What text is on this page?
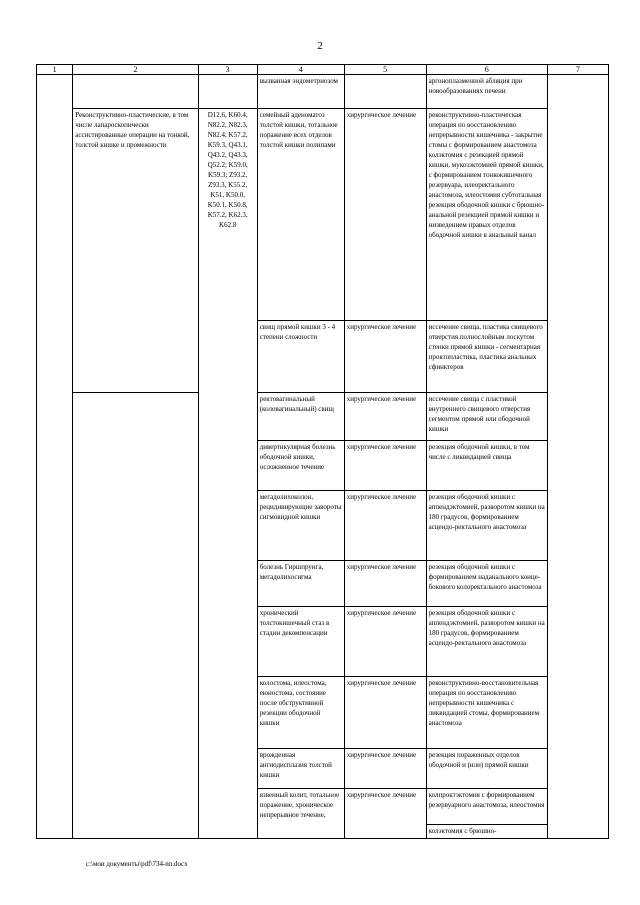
2
1	2	3	4	5	6	7
			вызванная эндометриозом		аргоноплазменной абляция при новообразованиях печени	
	Реконструктивно-пластические, в том числе лапароскопически ассистированные операции на тонкой, толстой кишке и промежности	D12.6, K60.4, N82.2, N82.3, N82.4, K57.2, K59.3, Q43.1, Q43.2, Q43.3, Q52.2; K59.0, K59.3; Z93.2, Z93.3, K55.2, K51, K50.0, K50.1, K50.8, K57.2, K62.3, K62.8	семейный аденоматоз толстой кишки, тотальное поражение всех отделов толстой кишки полипами	хирургическое лечение	реконструктивно-пластическая операция по восстановлению непрерывности кишечника - закрытие стомы с формированием анастомоза колэктомия с резекцией прямой кишки, мукозэктомией прямой кишки, с формированием тонкокишечного резервуара, илеоректального анастомоза, илеостомия субтотальная резекция ободочной кишки с брюшно-анальной резекцией прямой кишки и низведением правых отделов ободочной кишки в анальный канал	
			свищ прямой кишки 3 - 4 степени сложности	хирургическое лечение	иссечение свища, пластика свищевого отверстия полнослойным лоскутом стенки прямой кишки - сегментарная проктопластика, пластика анальных сфинктеров	
			ректовагинальный (коловагинальный) свищ	хирургическое лечение	иссечение свища с пластикой внутреннего свищевого отверстия сегментом прямой или ободочной кишки	
			дивертикулярная болезнь ободочной кишки, осложненное течение	хирургическое лечение	резекция ободочной кишки, в том числе с ликвидацией свища	
			мегадолихоколон, рецидивирующие завороты сигмовидной кишки	хирургическое лечение	резекция ободочной кишки с аппендэктомией, разворотом кишки на 180 градусов, формированием асцендо-ректального анастомоза	
			болезнь Гиршпрунга, мегадолихосигма	хирургическое лечение	резекция ободочной кишки с формированием наданального конце-бокового колоректального анастомоза	
			хронический толстокишечный стаз в стадии декомпенсации	хирургическое лечение	резекция ободочной кишки с аппендэктомией, разворотом кишки на 180 градусов, формированием асцендо-ректального анастомоза	
			колостома, илеостома, еюностома, состояние после обструктивной резекции ободочной кишки	хирургическое лечение	реконструктивно-восстановительная операция по восстановлению непрерывности кишечника с ликвидацией стомы, формированием анастомоза	
			врожденная ангиодисплазия толстой кишки	хирургическое лечение	резекция пораженных отделов ободочной и (или) прямой кишки	
			язвенный колит, тотальное поражение, хроническое непрерывное течение,	хирургическое лечение	колпроктэктомия с формированием резервуарного анастомоза, илеостомия	
					колэктомия с брюшно-	
c:\мои документы\pdf\734-nn.docx
